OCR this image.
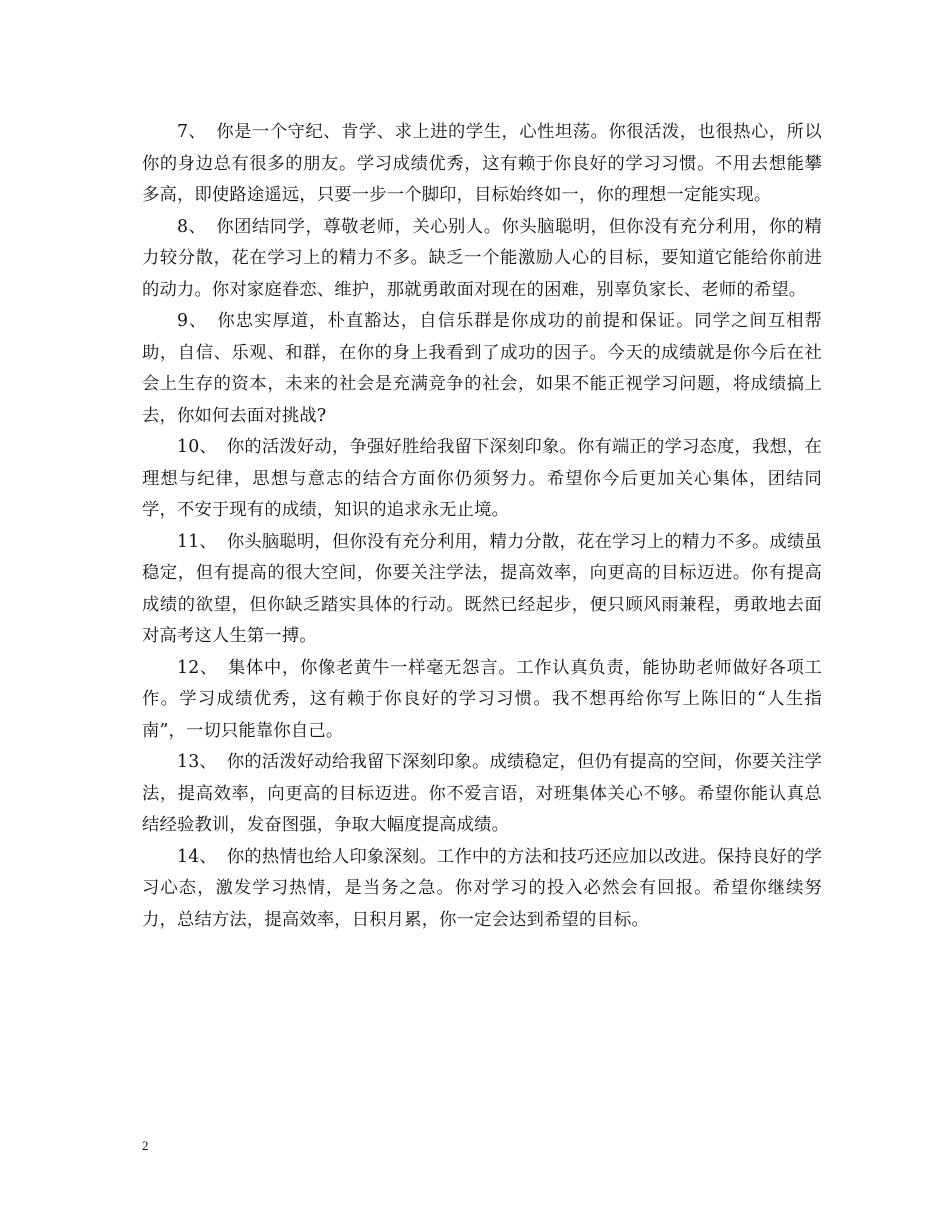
7、 你是一个守纪、肯学、求上进的学生，心性坦荡。你很活泼，也很热心，所以你的身边总有很多的朋友。学习成绩优秀，这有赖于你良好的学习习惯。不用去想能攀多高，即使路途遥远，只要一步一个脚印，目标始终如一，你的理想一定能实现。

8、 你团结同学，尊敬老师，关心别人。你头脑聪明，但你没有充分利用，你的精力较分散，花在学习上的精力不多。缺乏一个能激励人心的目标，要知道它能给你前进的动力。你对家庭眷恋、维护，那就勇敢面对现在的困难，别辜负家长、老师的希望。

9、 你忠实厚道，朴直豁达，自信乐群是你成功的前提和保证。同学之间互相帮助，自信、乐观、和群，在你的身上我看到了成功的因子。今天的成绩就是你今后在社会上生存的资本，未来的社会是充满竞争的社会，如果不能正视学习问题，将成绩搞上去，你如何去面对挑战?

10、 你的活泼好动，争强好胜给我留下深刻印象。你有端正的学习态度，我想，在理想与纪律，思想与意志的结合方面你仍须努力。希望你今后更加关心集体，团结同学，不安于现有的成绩，知识的追求永无止境。

11、 你头脑聪明，但你没有充分利用，精力分散，花在学习上的精力不多。成绩虽稳定，但有提高的很大空间，你要关注学法，提高效率，向更高的目标迈进。你有提高成绩的欲望，但你缺乏踏实具体的行动。既然已经起步，便只顾风雨兼程，勇敢地去面对高考这人生第一搏。

12、 集体中，你像老黄牛一样毫无怨言。工作认真负责，能协助老师做好各项工作。学习成绩优秀，这有赖于你良好的学习习惯。我不想再给你写上陈旧的“人生指南”，一切只能靠你自己。

13、 你的活泼好动给我留下深刻印象。成绩稳定，但仍有提高的空间，你要关注学法，提高效率，向更高的目标迈进。你不爱言语，对班集体关心不够。希望你能认真总结经验教训，发奋图强，争取大幅度提高成绩。

14、 你的热情也给人印象深刻。工作中的方法和技巧还应加以改进。保持良好的学习心态，激发学习热情，是当务之急。你对学习的投入必然会有回报。希望你继续努力，总结方法，提高效率，日积月累，你一定会达到希望的目标。

2
